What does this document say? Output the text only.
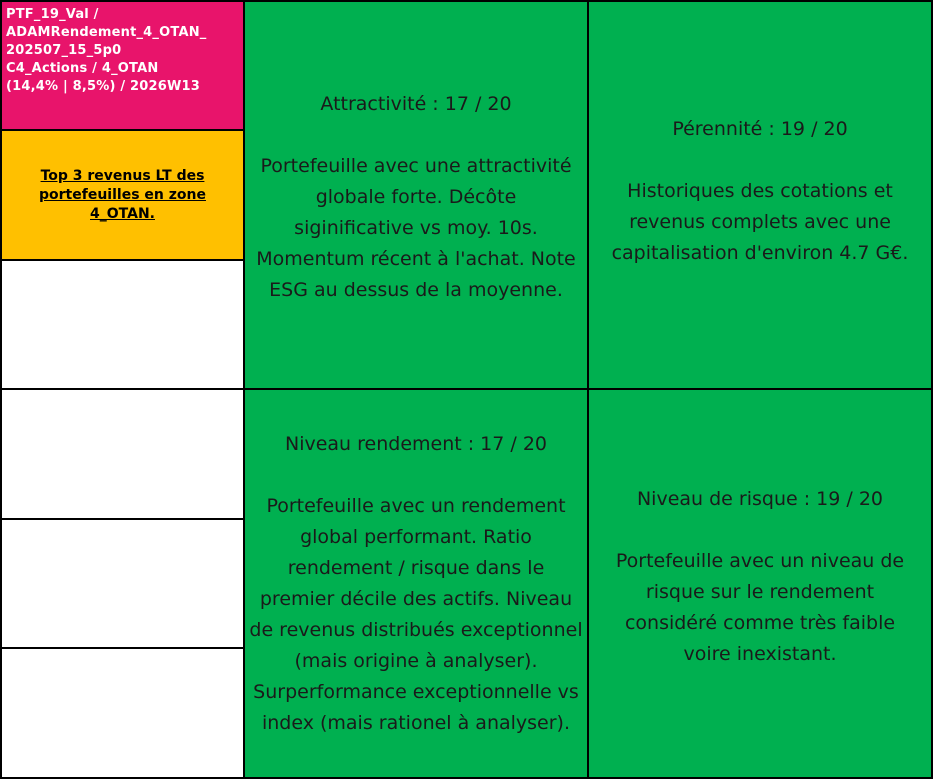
PTF_19_Val /
ADAMRendement_4_OTAN_
202507_15_5p0
C4_Actions / 4_OTAN
(14,4% | 8,5%) / 2026W13
Top 3 revenus LT des portefeuilles en zone 4_OTAN.
Attractivité : 17 / 20
Portefeuille avec une attractivité globale forte. Décôte siginificative vs moy. 10s. Momentum récent à l'achat. Note ESG au dessus de la moyenne.
Pérennité : 19 / 20
Historiques des cotations et revenus complets avec une capitalisation d'environ 4.7 G€.
Niveau rendement : 17 / 20
Portefeuille avec un rendement global performant. Ratio rendement / risque dans le premier décile des actifs. Niveau de revenus distribués exceptionnel (mais origine à analyser). Surperformance exceptionnelle vs index (mais rationel à analyser).
Niveau de risque : 19 / 20
Portefeuille avec un niveau de risque sur le rendement considéré comme très faible voire inexistant.
